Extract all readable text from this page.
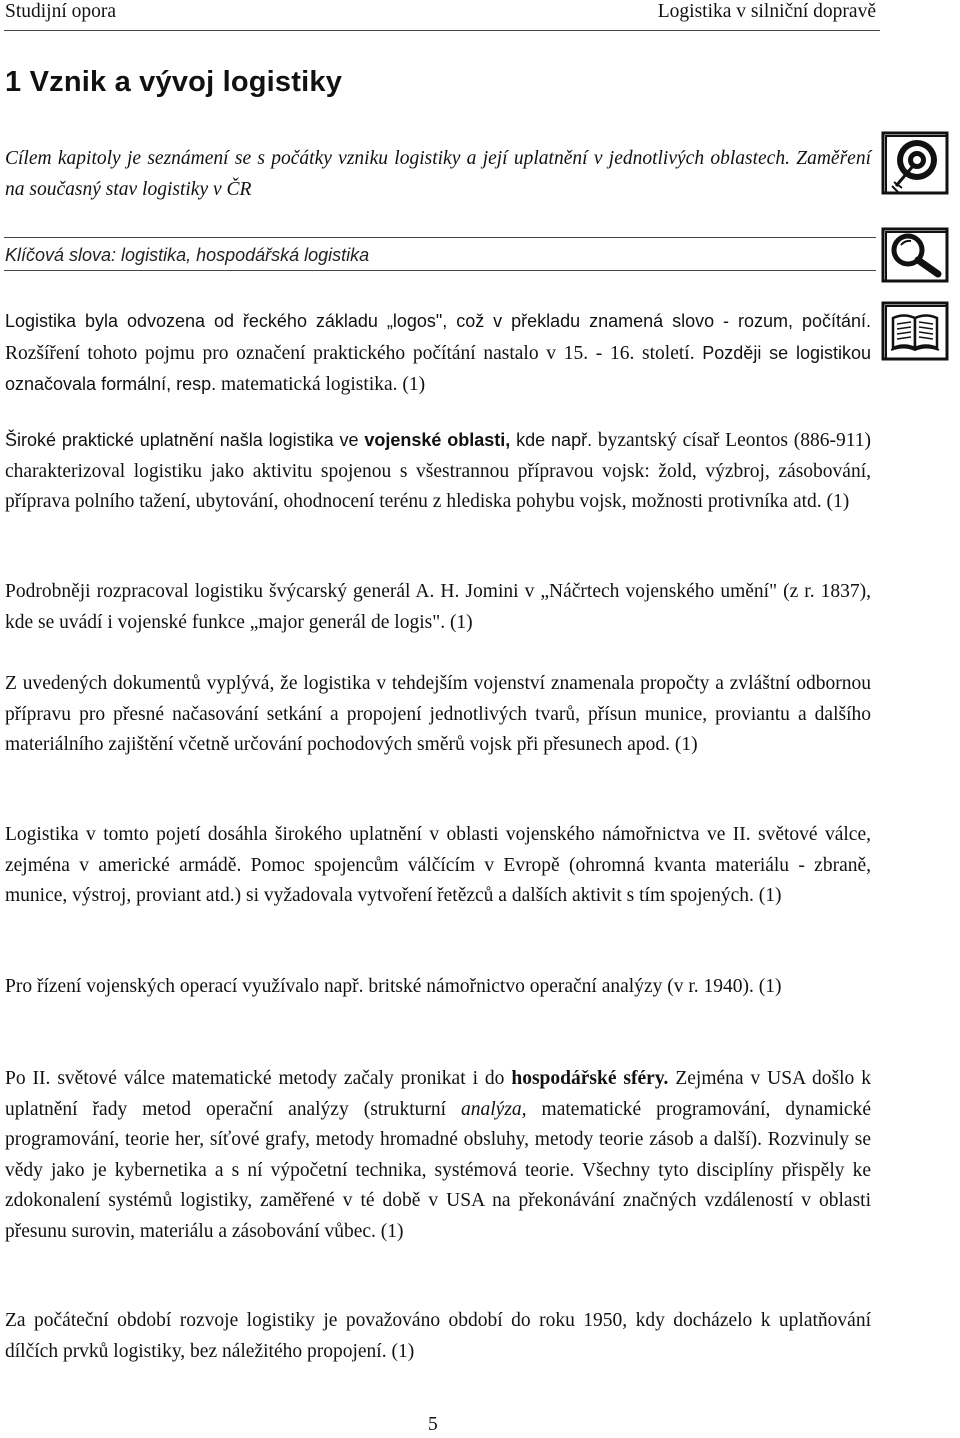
Studijní opora	Logistika v silniční dopravě
1 Vznik a vývoj logistiky

Cílem kapitoly je seznámení se s počátky vzniku logistiky a její uplatnění v jednotlivých oblastech. Zaměření na současný stav logistiky v ČR

Klíčová slova: logistika, hospodářská logistika

Logistika byla odvozena od řeckého základu „logos", což v překladu znamená slovo - rozum, počítání. Rozšíření tohoto pojmu pro označení praktického počítání nastalo v 15. - 16. století. Později se logistikou označovala formální, resp. matematická logistika. (1)

Široké praktické uplatnění našla logistika ve vojenské oblasti, kde např. byzantský císař Leontos (886-911) charakterizoval logistiku jako aktivitu spojenou s všestrannou přípravou vojsk: žold, výzbroj, zásobování, příprava polního tažení, ubytování, ohodnocení terénu z hlediska pohybu vojsk, možnosti protivníka atd. (1)

Podrobněji rozpracoval logistiku švýcarský generál A. H. Jomini v „Náčrtech vojenského umění" (z r. 1837), kde se uvádí i vojenské funkce „major generál de logis". (1)

Z uvedených dokumentů vyplývá, že logistika v tehdejším vojenství znamenala propočty a zvláštní odbornou přípravu pro přesné načasování setkání a propojení jednotlivých tvarů, přísun munice, proviantu a dalšího materiálního zajištění včetně určování pochodových směrů vojsk při přesunech apod. (1)

Logistika v tomto pojetí dosáhla širokého uplatnění v oblasti vojenského námořnictva ve II. světové válce, zejména v americké armádě. Pomoc spojencům válčícím v Evropě (ohromná kvanta materiálu - zbraně, munice, výstroj, proviant atd.) si vyžadovala vytvoření řetězců a dalších aktivit s tím spojených. (1)

Pro řízení vojenských operací využívalo např. britské námořnictvo operační analýzy (v r. 1940). (1)

Po II. světové válce matematické metody začaly pronikat i do hospodářské sféry. Zejména v USA došlo k uplatnění řady metod operační analýzy (strukturní analýza, matematické programování, dynamické programování, teorie her, síťové grafy, metody hromadné obsluhy, metody teorie zásob a další). Rozvinuly se vědy jako je kybernetika a s ní výpočetní technika, systémová teorie. Všechny tyto disciplíny přispěly ke zdokonalení systémů logistiky, zaměřené v té době v USA na překonávání značných vzdáleností v oblasti přesunu surovin, materiálu a zásobování vůbec. (1)

Za počáteční období rozvoje logistiky je považováno období do roku 1950, kdy docházelo k uplatňování dílčích prvků logistiky, bez náležitého propojení. (1)

5
